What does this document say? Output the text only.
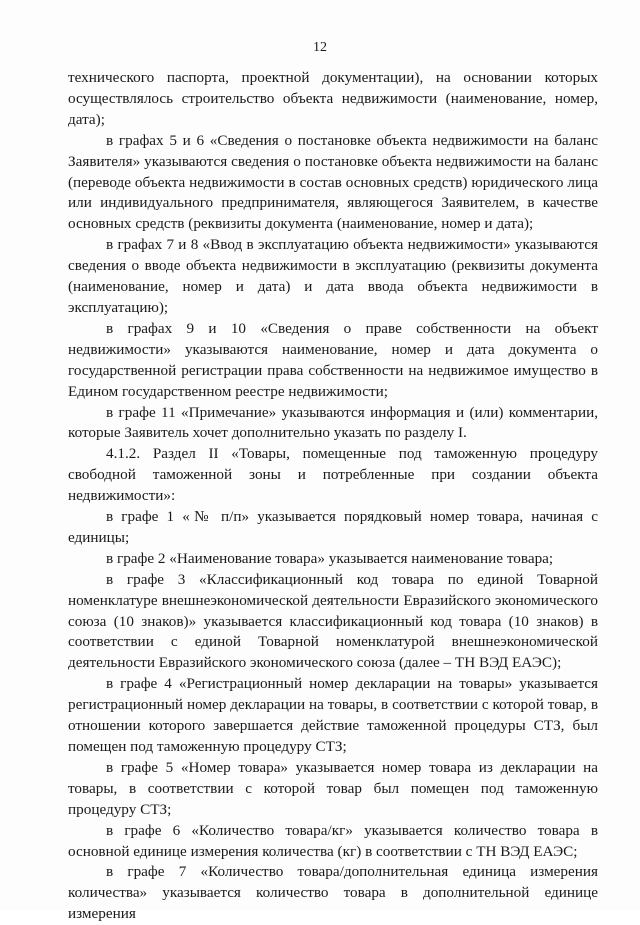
12

технического паспорта, проектной документации), на основании которых осуществлялось строительство объекта недвижимости (наименование, номер, дата);

в графах 5 и 6 «Сведения о постановке объекта недвижимости на баланс Заявителя» указываются сведения о постановке объекта недвижимости на баланс (переводе объекта недвижимости в состав основных средств) юридического лица или индивидуального предпринимателя, являющегося Заявителем, в качестве основных средств (реквизиты документа (наименование, номер и дата);

в графах 7 и 8 «Ввод в эксплуатацию объекта недвижимости» указываются сведения о вводе объекта недвижимости в эксплуатацию (реквизиты документа (наименование, номер и дата) и дата ввода объекта недвижимости в эксплуатацию);

в графах 9 и 10 «Сведения о праве собственности на объект недвижимости» указываются наименование, номер и дата документа о государственной регистрации права собственности на недвижимое имущество в Едином государственном реестре недвижимости;

в графе 11 «Примечание» указываются информация и (или) комментарии, которые Заявитель хочет дополнительно указать по разделу I.

4.1.2. Раздел II «Товары, помещенные под таможенную процедуру свободной таможенной зоны и потребленные при создании объекта недвижимости»:

в графе 1 «№ п/п» указывается порядковый номер товара, начиная с единицы;

в графе 2 «Наименование товара» указывается наименование товара;

в графе 3 «Классификационный код товара по единой Товарной номенклатуре внешнеэкономической деятельности Евразийского экономического союза (10 знаков)» указывается классификационный код товара (10 знаков) в соответствии с единой Товарной номенклатурой внешнеэкономической деятельности Евразийского экономического союза (далее – ТН ВЭД ЕАЭС);

в графе 4 «Регистрационный номер декларации на товары» указывается регистрационный номер декларации на товары, в соответствии с которой товар, в отношении которого завершается действие таможенной процедуры СТЗ, был помещен под таможенную процедуру СТЗ;

в графе 5 «Номер товара» указывается номер товара из декларации на товары, в соответствии с которой товар был помещен под таможенную процедуру СТЗ;

в графе 6 «Количество товара/кг» указывается количество товара в основной единице измерения количества (кг) в соответствии с ТН ВЭД ЕАЭС;

в графе 7 «Количество товара/дополнительная единица измерения количества» указывается количество товара в дополнительной единице измерения
